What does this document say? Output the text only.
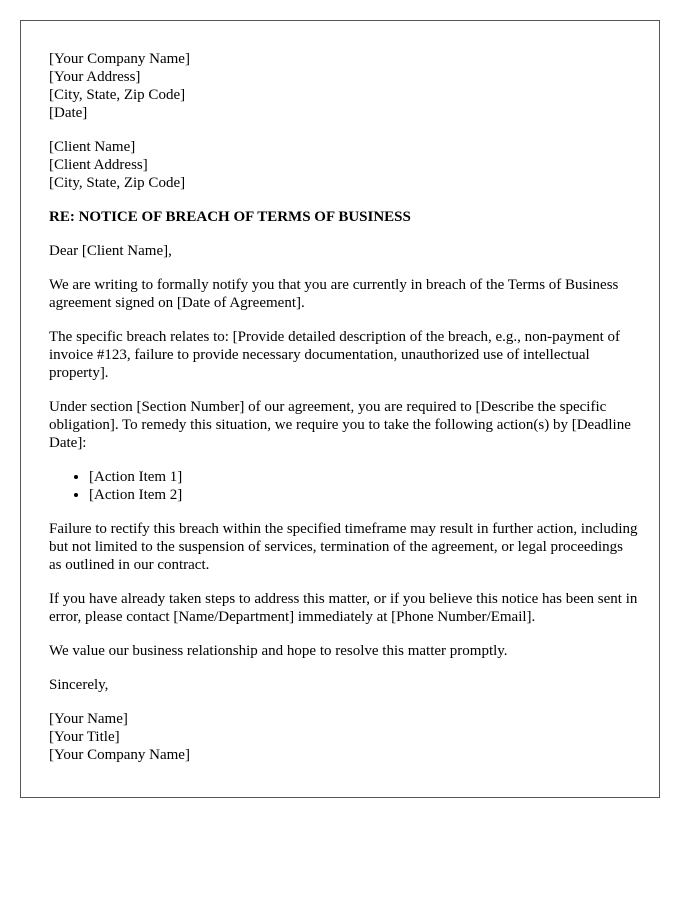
[Your Company Name]
[Your Address]
[City, State, Zip Code]
[Date]
[Client Name]
[Client Address]
[City, State, Zip Code]
RE: NOTICE OF BREACH OF TERMS OF BUSINESS

Dear [Client Name],

We are writing to formally notify you that you are currently in breach of the Terms of Business agreement signed on [Date of Agreement].

The specific breach relates to: [Provide detailed description of the breach, e.g., non-payment of invoice #123, failure to provide necessary documentation, unauthorized use of intellectual property].

Under section [Section Number] of our agreement, you are required to [Describe the specific obligation]. To remedy this situation, we require you to take the following action(s) by [Deadline Date]:

• [Action Item 1]
• [Action Item 2]

Failure to rectify this breach within the specified timeframe may result in further action, including but not limited to the suspension of services, termination of the agreement, or legal proceedings as outlined in our contract.

If you have already taken steps to address this matter, or if you believe this notice has been sent in error, please contact [Name/Department] immediately at [Phone Number/Email].

We value our business relationship and hope to resolve this matter promptly.

Sincerely,

[Your Name]
[Your Title]
[Your Company Name]
